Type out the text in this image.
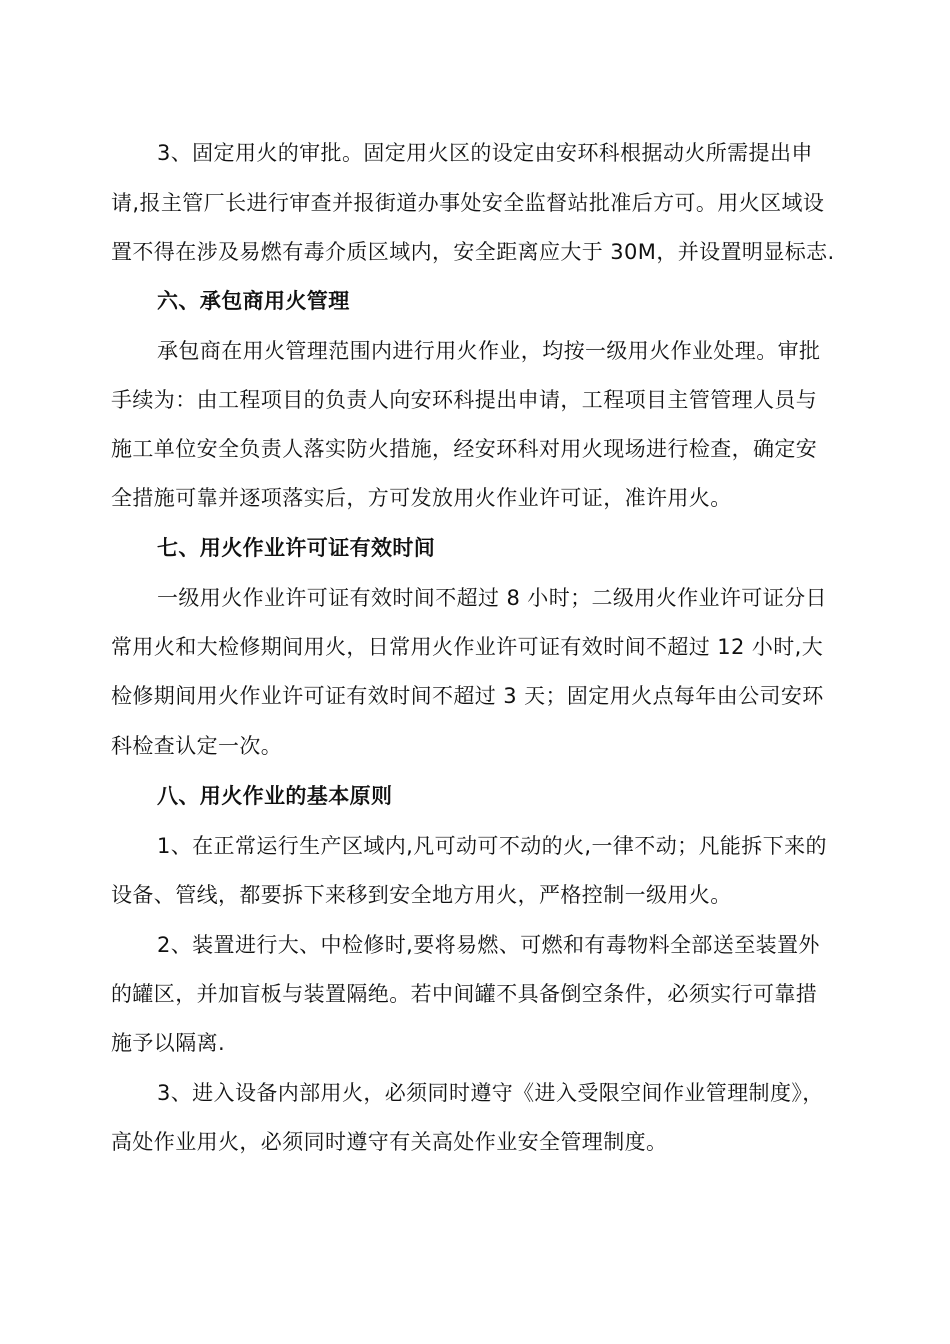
3、固定用火的审批。固定用火区的设定由安环科根据动火所需提出申
请,报主管厂长进行审查并报街道办事处安全监督站批准后方可。用火区域设
置不得在涉及易燃有毒介质区域内，安全距离应大于 30M，并设置明显标志.
六、承包商用火管理
承包商在用火管理范围内进行用火作业，均按一级用火作业处理。审批
手续为：由工程项目的负责人向安环科提出申请，工程项目主管管理人员与
施工单位安全负责人落实防火措施，经安环科对用火现场进行检查，确定安
全措施可靠并逐项落实后，方可发放用火作业许可证，准许用火。
七、用火作业许可证有效时间
一级用火作业许可证有效时间不超过 8 小时；二级用火作业许可证分日
常用火和大检修期间用火，日常用火作业许可证有效时间不超过 12 小时,大
检修期间用火作业许可证有效时间不超过 3 天；固定用火点每年由公司安环
科检查认定一次。
八、用火作业的基本原则
1、在正常运行生产区域内,凡可动可不动的火,一律不动；凡能拆下来的
设备、管线，都要拆下来移到安全地方用火，严格控制一级用火。
2、装置进行大、中检修时,要将易燃、可燃和有毒物料全部送至装置外
的罐区，并加盲板与装置隔绝。若中间罐不具备倒空条件，必须实行可靠措
施予以隔离.
3、进入设备内部用火，必须同时遵守《进入受限空间作业管理制度》，
高处作业用火，必须同时遵守有关高处作业安全管理制度。
